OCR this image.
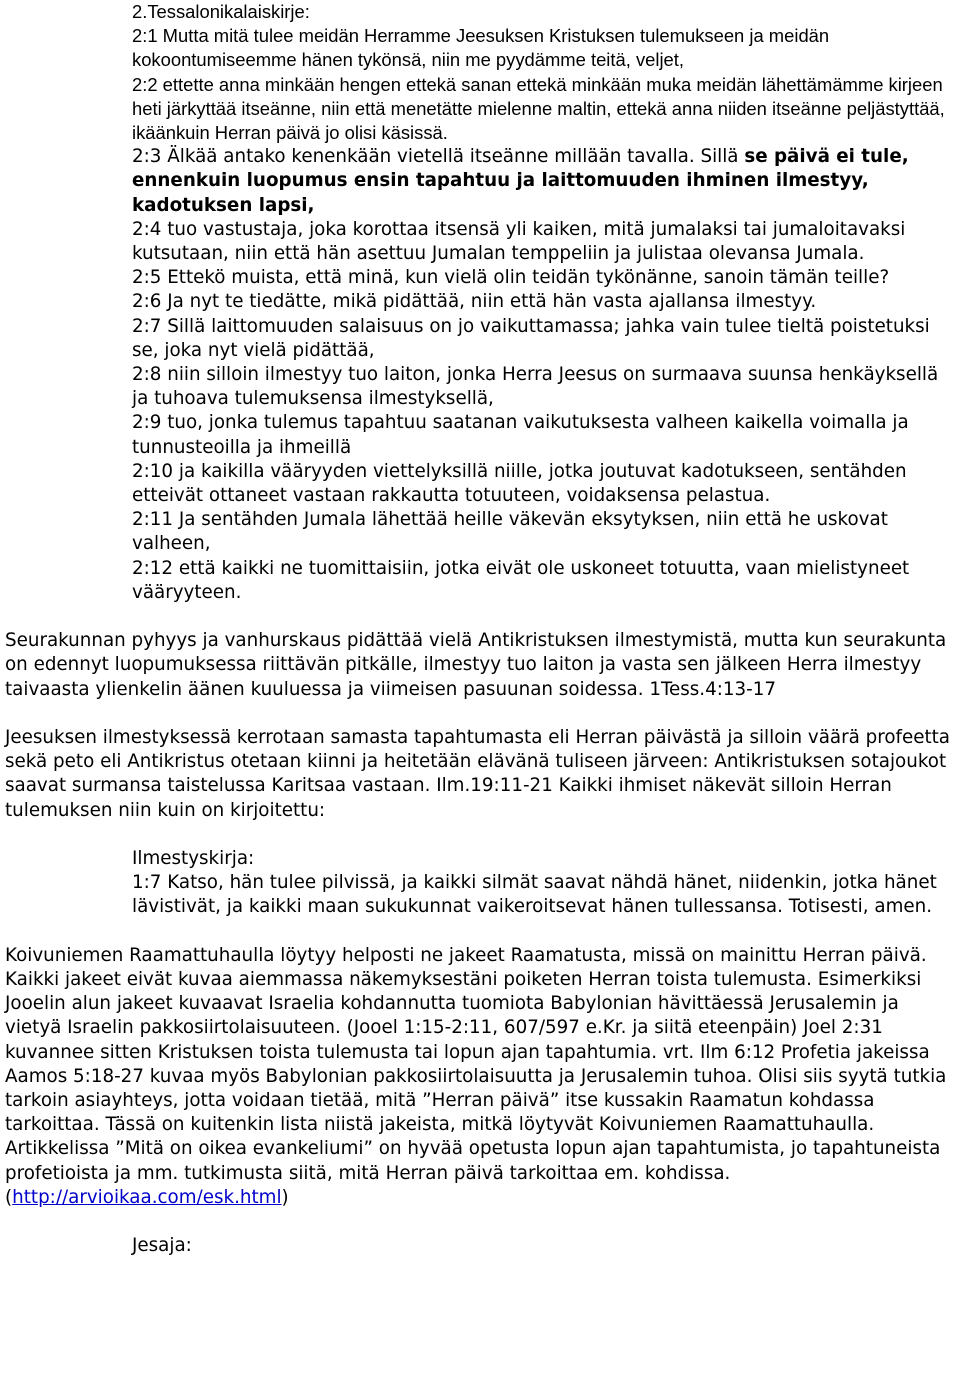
2.Tessalonikalaiskirje:
2:1 Mutta mitä tulee meidän Herramme Jeesuksen Kristuksen tulemukseen ja meidän kokoontumiseemme hänen tykönsä, niin me pyydämme teitä, veljet,
2:2 ettette anna minkään hengen ettekä sanan ettekä minkään muka meidän lähettämämme kirjeen heti järkyttää itseänne, niin että menetätte mielenne maltin, ettekä anna niiden itseänne peljästyttää, ikäänkuin Herran päivä jo olisi käsissä.
2:3 Älkää antako kenenkään vietellä itseänne millään tavalla. Sillä se päivä ei tule, ennenkuin luopumus ensin tapahtuu ja laittomuuden ihminen ilmestyy, kadotuksen lapsi,
2:4 tuo vastustaja, joka korottaa itsensä yli kaiken, mitä jumalaksi tai jumaloitavaksi kutsutaan, niin että hän asettuu Jumalan temppeliin ja julistaa olevansa Jumala.
2:5 Ettekö muista, että minä, kun vielä olin teidän tykönänne, sanoin tämän teille?
2:6 Ja nyt te tiedätte, mikä pidättää, niin että hän vasta ajallansa ilmestyy.
2:7 Sillä laittomuuden salaisuus on jo vaikuttamassa; jahka vain tulee tieltä poistetuksi se, joka nyt vielä pidättää,
2:8 niin silloin ilmestyy tuo laiton, jonka Herra Jeesus on surmaava suunsa henkäyksellä ja tuhoava tulemuksensa ilmestyksellä,
2:9 tuo, jonka tulemus tapahtuu saatanan vaikutuksesta valheen kaikella voimalla ja tunnusteoilla ja ihmeillä
2:10 ja kaikilla vääryyden viettelyksillä niille, jotka joutuvat kadotukseen, sentähden etteivät ottaneet vastaan rakkautta totuuteen, voidaksensa pelastua.
2:11 Ja sentähden Jumala lähettää heille väkevän eksytyksen, niin että he uskovat valheen,
2:12 että kaikki ne tuomittaisiin, jotka eivät ole uskoneet totuutta, vaan mielistyneet vääryyteen.
Seurakunnan pyhyys ja vanhurskaus pidättää vielä Antikristuksen ilmestymistä, mutta kun seurakunta on edennyt luopumuksessa riittävän pitkälle, ilmestyy tuo laiton ja vasta sen jälkeen Herra ilmestyy taivaasta ylienkelin äänen kuuluessa ja viimeisen pasuunan soidessa. 1Tess.4:13-17
Jeesuksen ilmestyksessä kerrotaan samasta tapahtumasta eli Herran päivästä ja silloin väärä profeetta sekä peto eli Antikristus otetaan kiinni ja heitetään elävänä tuliseen järveen: Antikristuksen sotajoukot saavat surmansa taistelussa Karitsaa vastaan. Ilm.19:11-21 Kaikki ihmiset näkevät silloin Herran tulemuksen niin kuin on kirjoitettu:
Ilmestyskirja:
1:7 Katso, hän tulee pilvissä, ja kaikki silmät saavat nähdä hänet, niidenkin, jotka hänet lävistivät, ja kaikki maan sukukunnat vaikeroitsevat hänen tullessansa. Totisesti, amen.
Koivuniemen Raamattuhaulla löytyy helposti ne jakeet Raamatusta, missä on mainittu Herran päivä. Kaikki jakeet eivät kuvaa aiemmassa näkemyksestäni poiketen Herran toista tulemusta. Esimerkiksi Jooelin alun jakeet kuvaavat Israelia kohdannutta tuomiota Babylonian hävittäessä Jerusalemin ja vietyä Israelin pakkosiirtolaisuuteen. (Jooel 1:15-2:11, 607/597 e.Kr. ja siitä eteenpäin) Joel 2:31 kuvannee sitten Kristuksen toista tulemusta tai lopun ajan tapahtumia. vrt. Ilm 6:12 Profetia jakeissa Aamos 5:18-27 kuvaa myös Babylonian pakkosiirtolaisuutta ja Jerusalemin tuhoa. Olisi siis syytä tutkia tarkoin asiayhteys, jotta voidaan tietää, mitä ”Herran päivä” itse kussakin Raamatun kohdassa tarkoittaa. Tässä on kuitenkin lista niistä jakeista, mitkä löytyvät Koivuniemen Raamattuhaulla. Artikkelissa ”Mitä on oikea evankeliumi” on hyvää opetusta lopun ajan tapahtumista, jo tapahtuneista profetioista ja mm. tutkimusta siitä, mitä Herran päivä tarkoittaa em. kohdissa. (http://arvioikaa.com/esk.html)
Jesaja:
